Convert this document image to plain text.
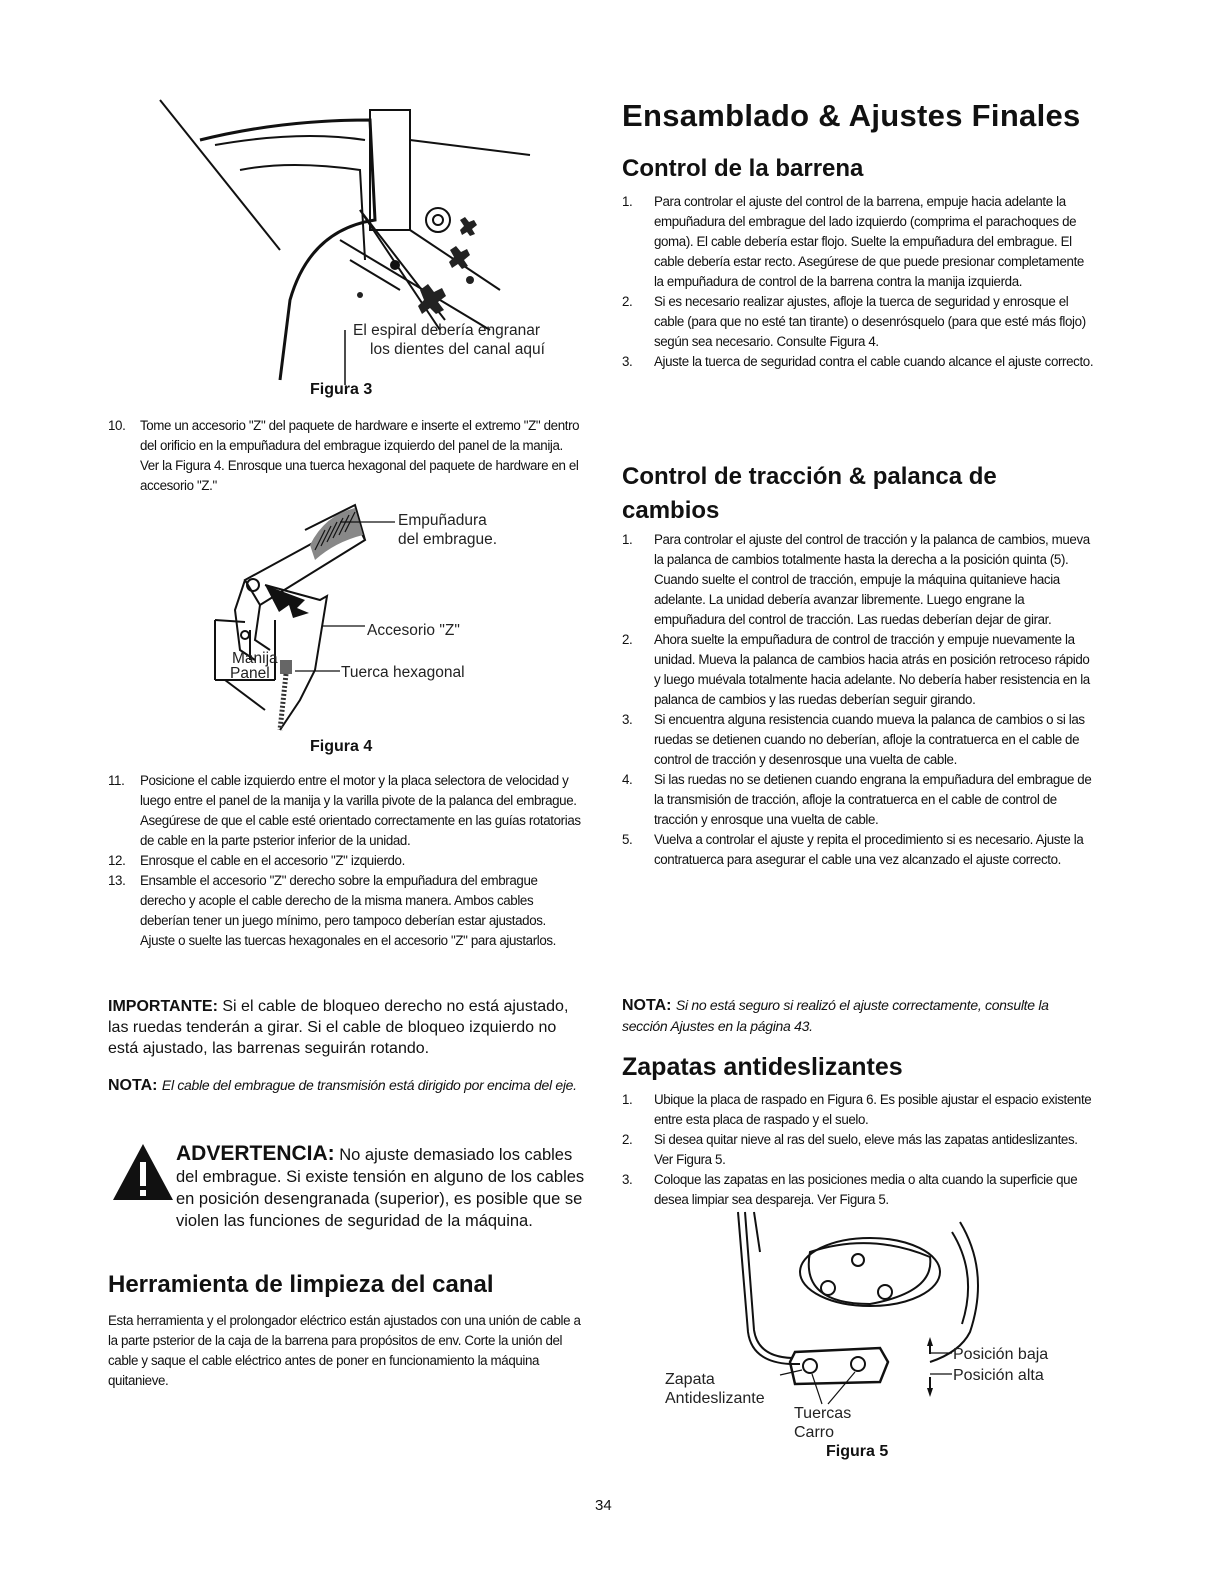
El espiral debería engranar
los dientes del canal aquí
Figura 3
10.	Tome un accesorio "Z" del paquete de hardware e inserte el extremo "Z" dentro del orificio en la empuñadura del embrague izquierdo del panel de la manija. Ver la Figura 4. Enrosque una tuerca hexagonal del paquete de hardware en el accesorio "Z."
Empuñadura
del embrague.
Accesorio "Z"
Manija
Panel	Tuerca hexagonal
Figura 4
11.	Posicione el cable izquierdo entre el motor y la placa selectora de velocidad y luego entre el panel de la manija y la varilla pivote de la palanca del embrague. Asegúrese de que el cable esté orientado correctamente en las guías rotatorias de cable en la parte psterior inferior de la unidad.
12.	Enrosque el cable en el accesorio "Z" izquierdo.
13.	Ensamble el accesorio "Z" derecho sobre la empuñadura del embrague derecho y acople el cable derecho de la misma manera. Ambos cables deberían tener un juego mínimo, pero tampoco deberían estar ajustados. Ajuste o suelte las tuercas hexagonales en el accesorio "Z" para ajustarlos.
IMPORTANTE: Si el cable de bloqueo derecho no está ajustado, las ruedas tenderán a girar. Si el cable de bloqueo izquierdo no está ajustado, las barrenas seguirán rotando.
NOTA: El cable del embrague de transmisión está dirigido por encima del eje.
ADVERTENCIA: No ajuste demasiado los cables del embrague. Si existe tensión en alguno de los cables en posición desengranada (superior), es posible que se violen las funciones de seguridad de la máquina.
Herramienta de limpieza del canal
Esta herramienta y el prolongador eléctrico están ajustados con una unión de cable a la parte psterior de la caja de la barrena para propósitos de env. Corte la unión del cable y saque el cable eléctrico antes de poner en funcionamiento la máquina quitanieve.
Ensamblado & Ajustes Finales
Control de la barrena
1.	Para controlar el ajuste del control de la barrena, empuje hacia adelante la empuñadura del embrague del lado izquierdo (comprima el parachoques de goma). El cable debería estar flojo. Suelte la empuñadura del embrague. El cable debería estar recto. Asegúrese de que puede presionar completamente la empuñadura de control de la barrena contra la manija izquierda.
2.	Si es necesario realizar ajustes, afloje la tuerca de seguridad y enrosque el cable (para que no esté tan tirante) o desenrósquelo (para que esté más flojo) según sea necesario. Consulte Figura 4.
3.	Ajuste la tuerca de seguridad contra el cable cuando alcance el ajuste correcto.
Control de tracción & palanca de
cambios
1.	Para controlar el ajuste del control de tracción y la palanca de cambios, mueva la palanca de cambios totalmente hasta la derecha a la posición quinta (5). Cuando suelte el control de tracción, empuje la máquina quitanieve hacia adelante. La unidad debería avanzar libremente. Luego engrane la empuñadura del control de tracción. Las ruedas deberían dejar de girar.
2.	Ahora suelte la empuñadura de control de tracción y empuje nuevamente la unidad. Mueva la palanca de cambios hacia atrás en posición retroceso rápido y luego muévala totalmente hacia adelante. No debería haber resistencia en la palanca de cambios y las ruedas deberían seguir girando.
3.	Si encuentra alguna resistencia cuando mueva la palanca de cambios o si las ruedas se detienen cuando no deberían, afloje la contratuerca en el cable de control de tracción y desenrosque una vuelta de cable.
4.	Si las ruedas no se detienen cuando engrana la empuñadura del embrague de la transmisión de tracción, afloje la contratuerca en el cable de control de tracción y enrosque una vuelta de cable.
5.	Vuelva a controlar el ajuste y repita el procedimiento si es necesario. Ajuste la contratuerca para asegurar el cable una vez alcanzado el ajuste correcto.
NOTA: Si no está seguro si realizó el ajuste correctamente, consulte la sección Ajustes en la página 43.
Zapatas antideslizantes
1.	Ubique la placa de raspado en Figura 6. Es posible ajustar el espacio existente entre esta placa de raspado y el suelo.
2.	Si desea quitar nieve al ras del suelo, eleve más las zapatas antideslizantes. Ver Figura 5.
3.	Coloque las zapatas en las posiciones media o alta cuando la superficie que desea limpiar sea despareja. Ver Figura 5.
Posición baja
Posición alta
Zapata
Antideslizante
Tuercas
Carro
Figura 5
34
